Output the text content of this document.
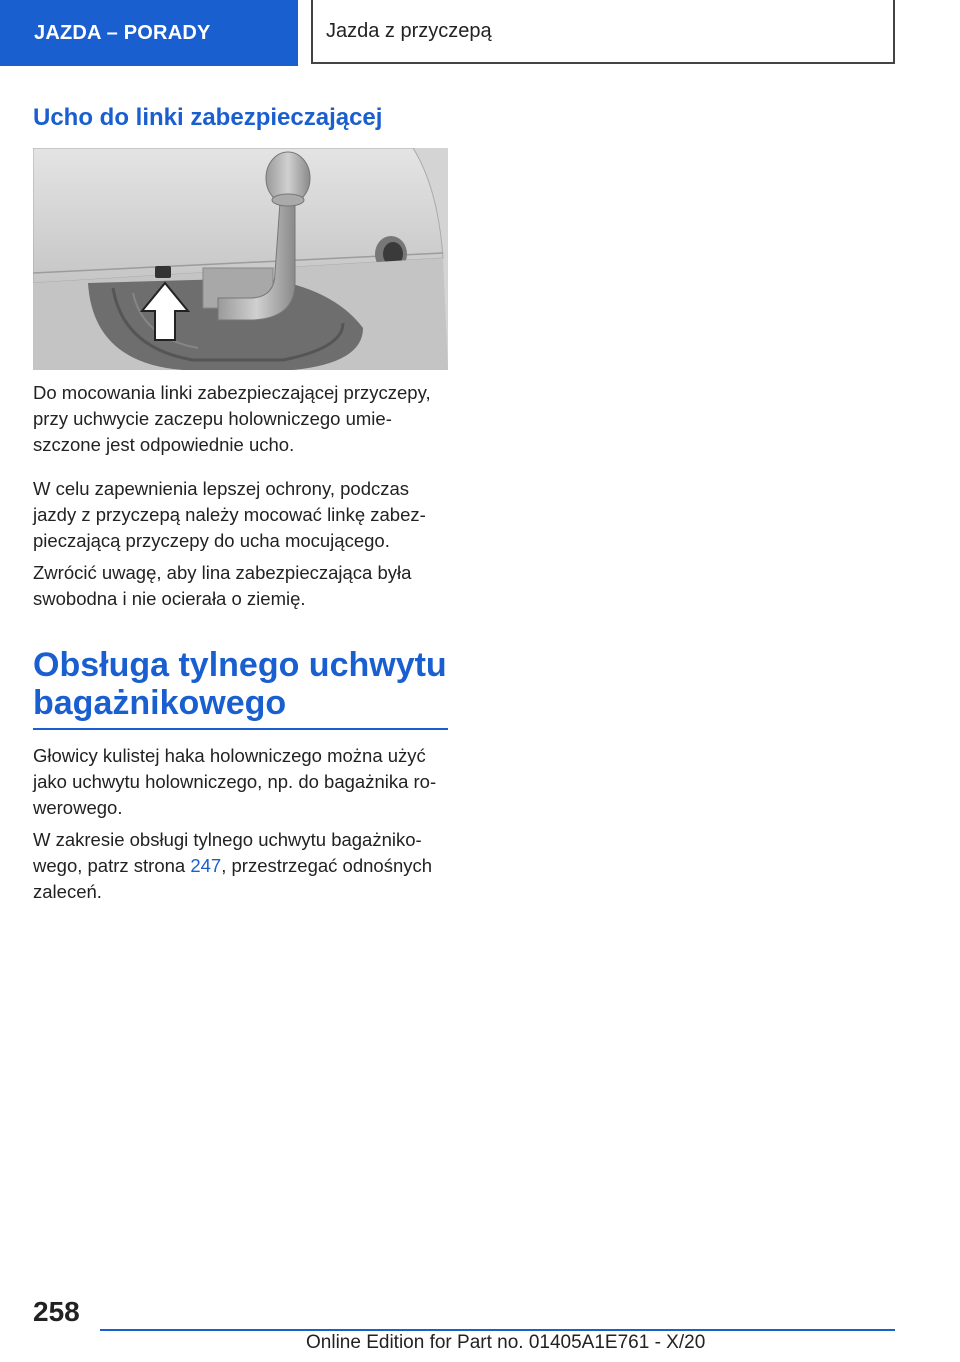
JAZDA – PORADY	Jazda z przyczepą
Ucho do linki zabezpieczającej

Do mocowania linki zabezpieczającej przyczepy, przy uchwycie zaczepu holowniczego umie‐ szczone jest odpowiednie ucho.

W celu zapewnienia lepszej ochrony, podczas jazdy z przyczepą należy mocować linkę zabez‐ pieczającą przyczepy do ucha mocującego.

Zwrócić uwagę, aby lina zabezpieczająca była swobodna i nie ocierała o ziemię.

Obsługa tylnego uchwytu bagażnikowego

Głowicy kulistej haka holowniczego można użyć jako uchwytu holowniczego, np. do bagażnika ro‐ werowego.

W zakresie obsługi tylnego uchwytu bagażniko‐ wego, patrz strona 247, przestrzegać odnośnych zaleceń.

258
Online Edition for Part no. 01405A1E761 - X/20
